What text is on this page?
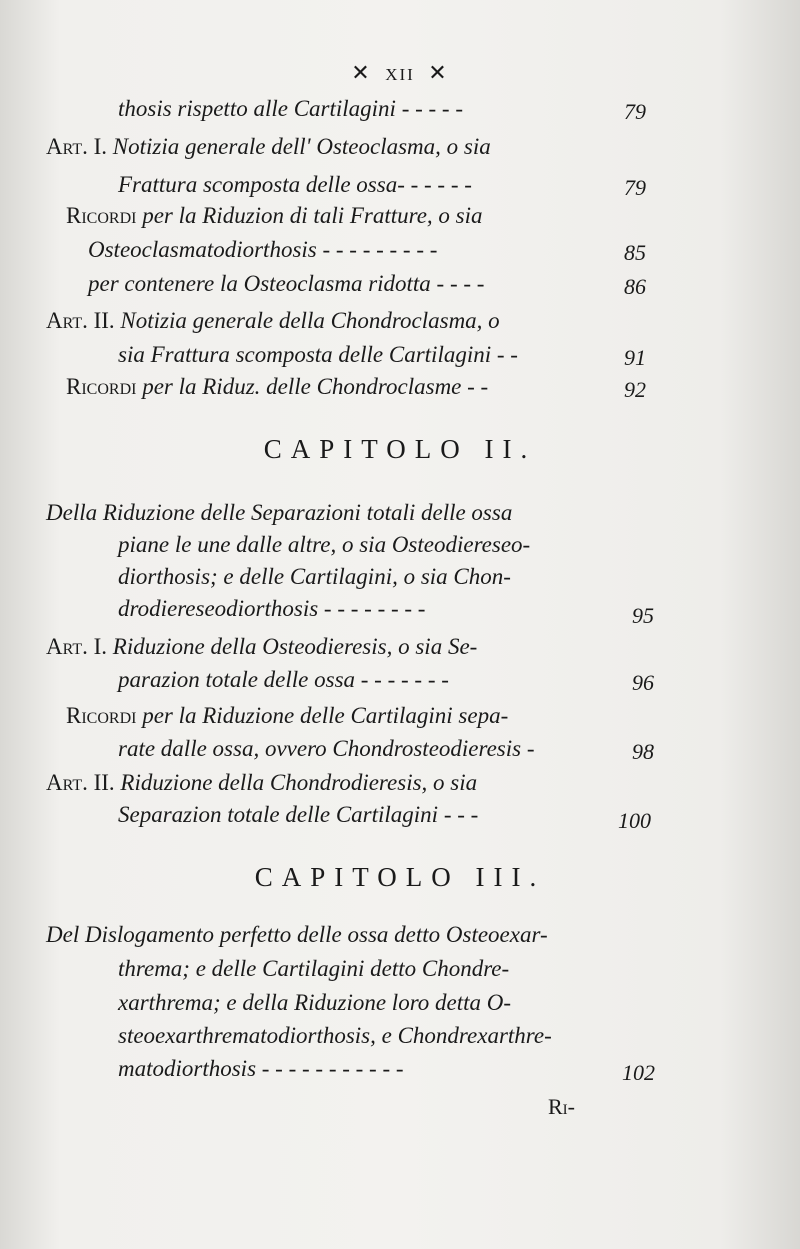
✕ XII ✕
thosis rispetto alle Cartilagini - - - - -	79
Art. I. Notizia generale dell' Osteoclasma, o sia
Frattura scomposta delle ossa- - - - - -	79
Ricordi per la Riduzion di tali Fratture, o sia
Osteoclasmatodiorthosis - - - - - - - - -	85
per contenere la Osteoclasma ridotta - - - -	86
Art. II. Notizia generale della Chondroclasma, o
sia Frattura scomposta delle Cartilagini - -	91
Ricordi per la Riduz. delle Chondroclasme - -	92
CAPITOLO II.
Della Riduzione delle Separazioni totali delle ossa
piane le une dalle altre, o sia Osteodiereseo-
diorthosis; e delle Cartilagini, o sia Chon-
drodiereseodiorthosis - - - - - - - -	95
Art. I. Riduzione della Osteodieresis, o sia Se-
parazion totale delle ossa - - - - - - -	96
Ricordi per la Riduzione delle Cartilagini sepa-
rate dalle ossa, ovvero Chondrosteodieresis -	98
Art. II. Riduzione della Chondrodieresis, o sia
Separazion totale delle Cartilagini - - -	100
CAPITOLO III.
Del Dislogamento perfetto delle ossa detto Osteoexar-
threma; e delle Cartilagini detto Chondre-
xarthrema; e della Riduzione loro detta O-
steoexarthrematodiorthosis, e Chondrexarthre-
matodiorthosis - - - - - - - - - - -	102
Ri-
